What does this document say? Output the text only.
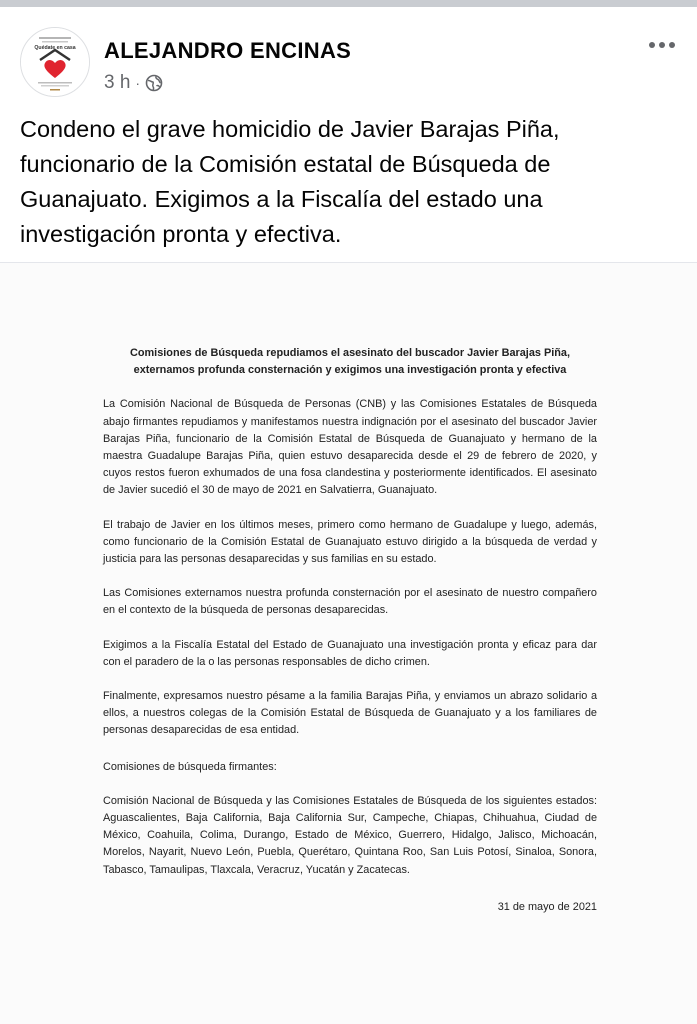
Quédate en casa ALEJANDRO ENCINAS
3 h ·
Condeno el grave homicidio de Javier Barajas Piña, funcionario de la Comisión estatal de Búsqueda de Guanajuato. Exigimos a la Fiscalía del estado una investigación pronta y efectiva.
Comisiones de Búsqueda repudiamos el asesinato del buscador Javier Barajas Piña, externamos profunda consternación y exigimos una investigación pronta y efectiva
La Comisión Nacional de Búsqueda de Personas (CNB) y las Comisiones Estatales de Búsqueda abajo firmantes repudiamos y manifestamos nuestra indignación por el asesinato del buscador Javier Barajas Piña, funcionario de la Comisión Estatal de Búsqueda de Guanajuato y hermano de la maestra Guadalupe Barajas Piña, quien estuvo desaparecida desde el 29 de febrero de 2020, y cuyos restos fueron exhumados de una fosa clandestina y posteriormente identificados. El asesinato de Javier sucedió el 30 de mayo de 2021 en Salvatierra, Guanajuato.
El trabajo de Javier en los últimos meses, primero como hermano de Guadalupe y luego, además, como funcionario de la Comisión Estatal de Guanajuato estuvo dirigido a la búsqueda de verdad y justicia para las personas desaparecidas y sus familias en su estado.
Las Comisiones externamos nuestra profunda consternación por el asesinato de nuestro compañero en el contexto de la búsqueda de personas desaparecidas.
Exigimos a la Fiscalía Estatal del Estado de Guanajuato una investigación pronta y eficaz para dar con el paradero de la o las personas responsables de dicho crimen.
Finalmente, expresamos nuestro pésame a la familia Barajas Piña, y enviamos un abrazo solidario a ellos, a nuestros colegas de la Comisión Estatal de Búsqueda de Guanajuato y a los familiares de personas desaparecidas de esa entidad.
Comisiones de búsqueda firmantes:
Comisión Nacional de Búsqueda y las Comisiones Estatales de Búsqueda de los siguientes estados: Aguascalientes, Baja California, Baja California Sur, Campeche, Chiapas, Chihuahua, Ciudad de México, Coahuila, Colima, Durango, Estado de México, Guerrero, Hidalgo, Jalisco, Michoacán, Morelos, Nayarit, Nuevo León, Puebla, Querétaro, Quintana Roo, San Luis Potosí, Sinaloa, Sonora, Tabasco, Tamaulipas, Tlaxcala, Veracruz, Yucatán y Zacatecas.
31 de mayo de 2021
